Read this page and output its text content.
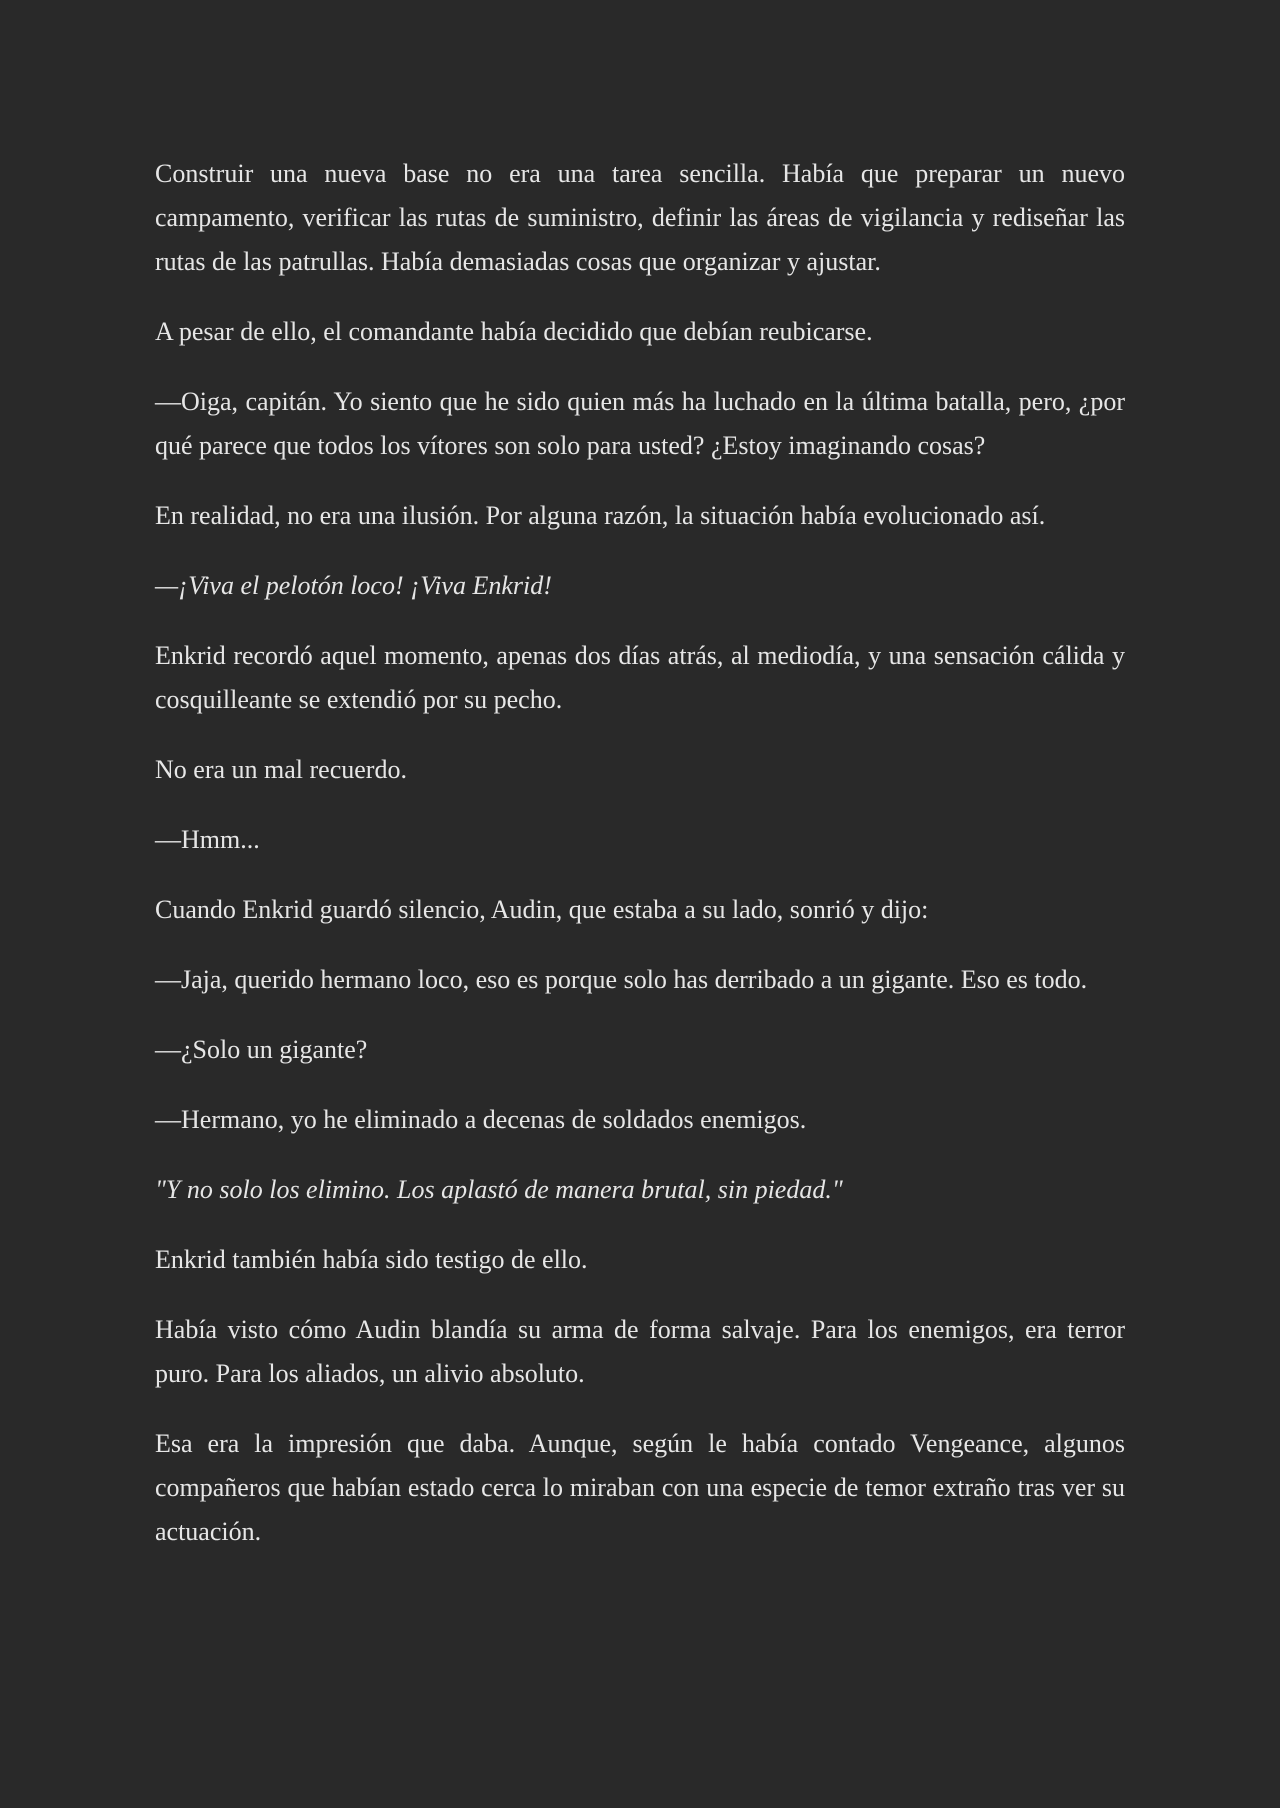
Construir una nueva base no era una tarea sencilla. Había que preparar un nuevo campamento, verificar las rutas de suministro, definir las áreas de vigilancia y rediseñar las rutas de las patrullas. Había demasiadas cosas que organizar y ajustar.

A pesar de ello, el comandante había decidido que debían reubicarse.

—Oiga, capitán. Yo siento que he sido quien más ha luchado en la última batalla, pero, ¿por qué parece que todos los vítores son solo para usted? ¿Estoy imaginando cosas?

En realidad, no era una ilusión. Por alguna razón, la situación había evolucionado así.

—¡Viva el pelotón loco! ¡Viva Enkrid!

Enkrid recordó aquel momento, apenas dos días atrás, al mediodía, y una sensación cálida y cosquilleante se extendió por su pecho.

No era un mal recuerdo.

—Hmm...

Cuando Enkrid guardó silencio, Audin, que estaba a su lado, sonrió y dijo:

—Jaja, querido hermano loco, eso es porque solo has derribado a un gigante. Eso es todo.

—¿Solo un gigante?

—Hermano, yo he eliminado a decenas de soldados enemigos.

"Y no solo los elimino. Los aplastó de manera brutal, sin piedad."

Enkrid también había sido testigo de ello.

Había visto cómo Audin blandía su arma de forma salvaje. Para los enemigos, era terror puro. Para los aliados, un alivio absoluto.

Esa era la impresión que daba. Aunque, según le había contado Vengeance, algunos compañeros que habían estado cerca lo miraban con una especie de temor extraño tras ver su actuación.
